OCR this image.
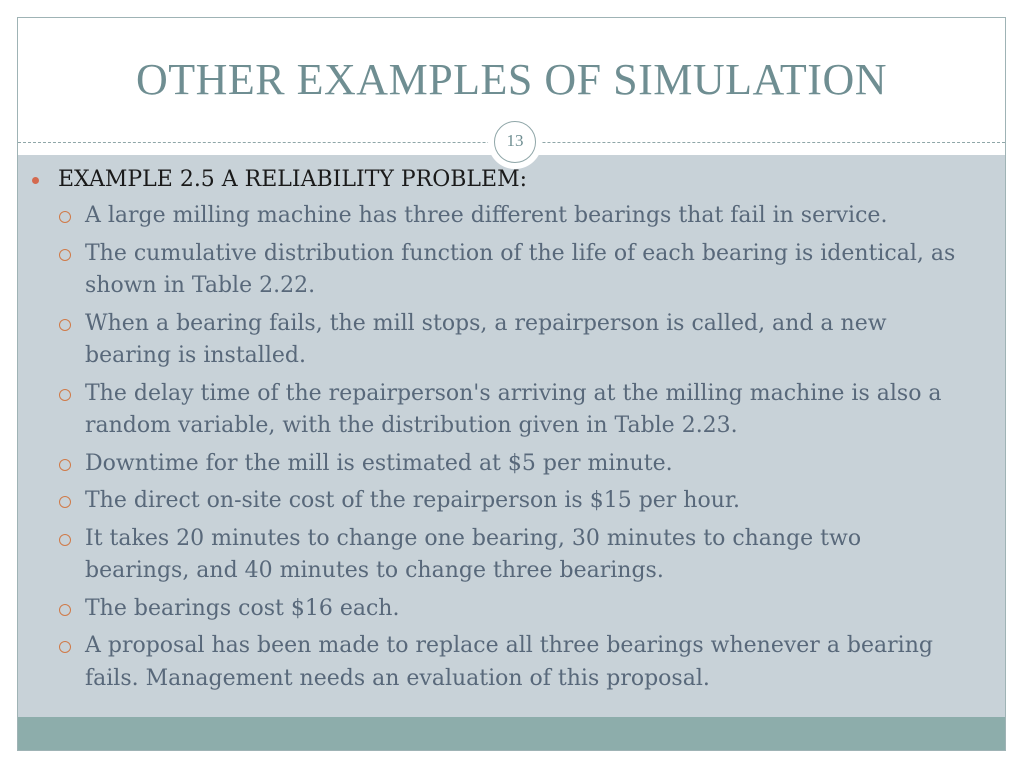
OTHER EXAMPLES OF SIMULATION
13
EXAMPLE 2.5 A RELIABILITY PROBLEM:
A large milling machine has three different bearings that fail in service.
The cumulative distribution function of the life of each bearing is identical, as shown in Table 2.22.
When a bearing fails, the mill stops, a repairperson is called, and a new bearing is installed.
The delay time of the repairperson's arriving at the milling machine is also a random variable, with the distribution given in Table 2.23.
Downtime for the mill is estimated at $5 per minute.
The direct on-site cost of the repairperson is $15 per hour.
It takes 20 minutes to change one bearing, 30 minutes to change two bearings, and 40 minutes to change three bearings.
The bearings cost $16 each.
A proposal has been made to replace all three bearings whenever a bearing fails. Management needs an evaluation of this proposal.
